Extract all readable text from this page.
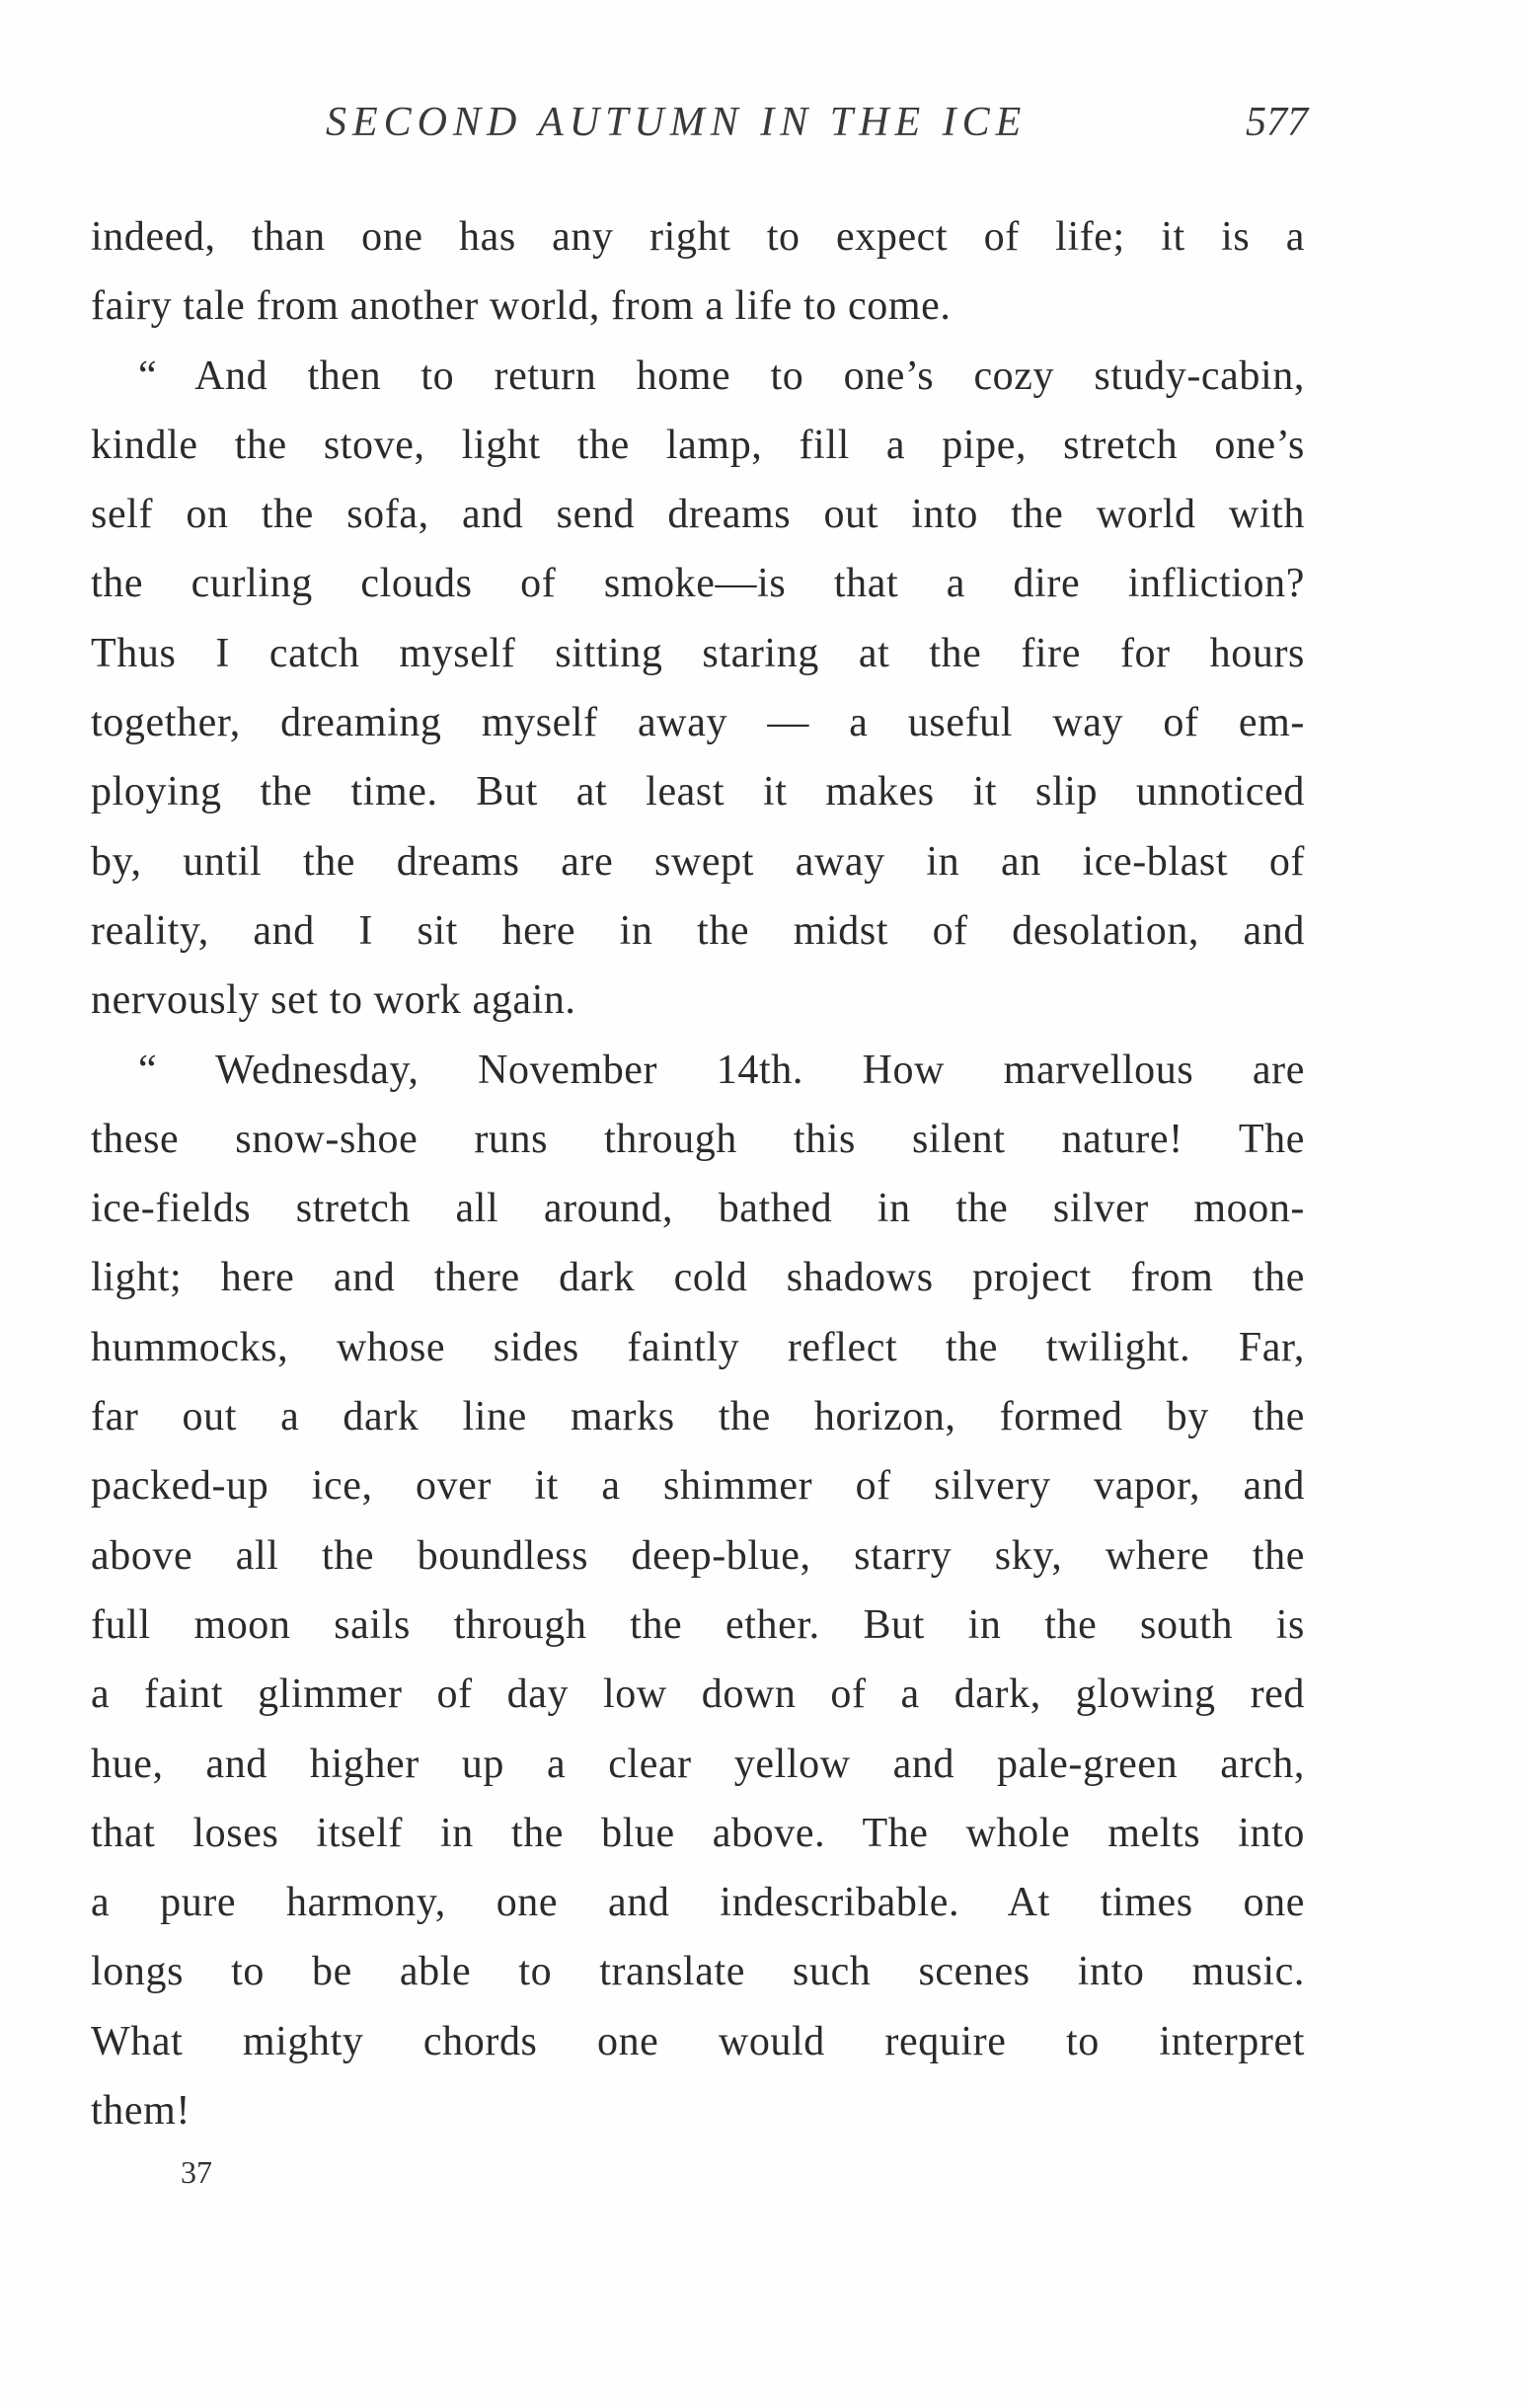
SECOND AUTUMN IN THE ICE	577
indeed, than one has any right to expect of life; it is a
fairy tale from another world, from a life to come.
“ And then to return home to one’s cozy study-cabin,
kindle the stove, light the lamp, fill a pipe, stretch one’s
self on the sofa, and send dreams out into the world with
the curling clouds of smoke—is that a dire infliction?
Thus I catch myself sitting staring at the fire for hours
together, dreaming myself away — a useful way of em-
ploying the time. But at least it makes it slip unnoticed
by, until the dreams are swept away in an ice-blast of
reality, and I sit here in the midst of desolation, and
nervously set to work again.
“ Wednesday, November 14th. How marvellous are
these snow-shoe runs through this silent nature! The
ice-fields stretch all around, bathed in the silver moon-
light; here and there dark cold shadows project from the
hummocks, whose sides faintly reflect the twilight. Far,
far out a dark line marks the horizon, formed by the
packed-up ice, over it a shimmer of silvery vapor, and
above all the boundless deep-blue, starry sky, where the
full moon sails through the ether. But in the south is
a faint glimmer of day low down of a dark, glowing red
hue, and higher up a clear yellow and pale-green arch,
that loses itself in the blue above. The whole melts into
a pure harmony, one and indescribable. At times one
longs to be able to translate such scenes into music.
What mighty chords one would require to interpret
them!
37
